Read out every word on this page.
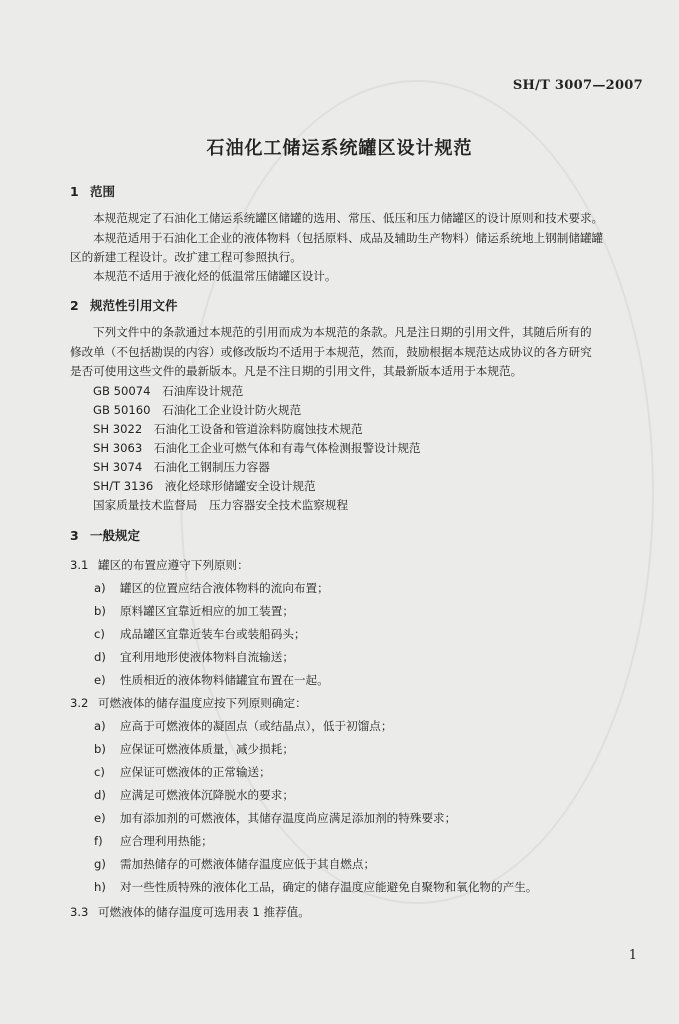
SH/T 3007—2007
石油化工储运系统罐区设计规范
1 范围
本规范规定了石油化工储运系统罐区储罐的选用、常压、低压和压力储罐区的设计原则和技术要求。
本规范适用于石油化工企业的液体物料（包括原料、成品及辅助生产物料）储运系统地上钢制储罐罐
区的新建工程设计。改扩建工程可参照执行。
本规范不适用于液化烃的低温常压储罐区设计。
2 规范性引用文件
下列文件中的条款通过本规范的引用而成为本规范的条款。凡是注日期的引用文件，其随后所有的
修改单（不包括勘误的内容）或修改版均不适用于本规范，然而，鼓励根据本规范达成协议的各方研究
是否可使用这些文件的最新版本。凡是不注日期的引用文件，其最新版本适用于本规范。
GB 50074　石油库设计规范
GB 50160　石油化工企业设计防火规范
SH 3022　石油化工设备和管道涂料防腐蚀技术规范
SH 3063　石油化工企业可燃气体和有毒气体检测报警设计规范
SH 3074　石油化工钢制压力容器
SH/T 3136　液化烃球形储罐安全设计规范
国家质量技术监督局　压力容器安全技术监察规程
3 一般规定
3.1 罐区的布置应遵守下列原则：
a) 罐区的位置应结合液体物料的流向布置；
b) 原料罐区宜靠近相应的加工装置；
c) 成品罐区宜靠近装车台或装船码头；
d) 宜利用地形使液体物料自流输送；
e) 性质相近的液体物料储罐宜布置在一起。
3.2 可燃液体的储存温度应按下列原则确定：
a) 应高于可燃液体的凝固点（或结晶点），低于初馏点；
b) 应保证可燃液体质量，减少损耗；
c) 应保证可燃液体的正常输送；
d) 应满足可燃液体沉降脱水的要求；
e) 加有添加剂的可燃液体，其储存温度尚应满足添加剂的特殊要求；
f) 应合理利用热能；
g) 需加热储存的可燃液体储存温度应低于其自燃点；
h) 对一些性质特殊的液体化工品，确定的储存温度应能避免自聚物和氧化物的产生。
3.3 可燃液体的储存温度可选用表 1 推荐值。
1
